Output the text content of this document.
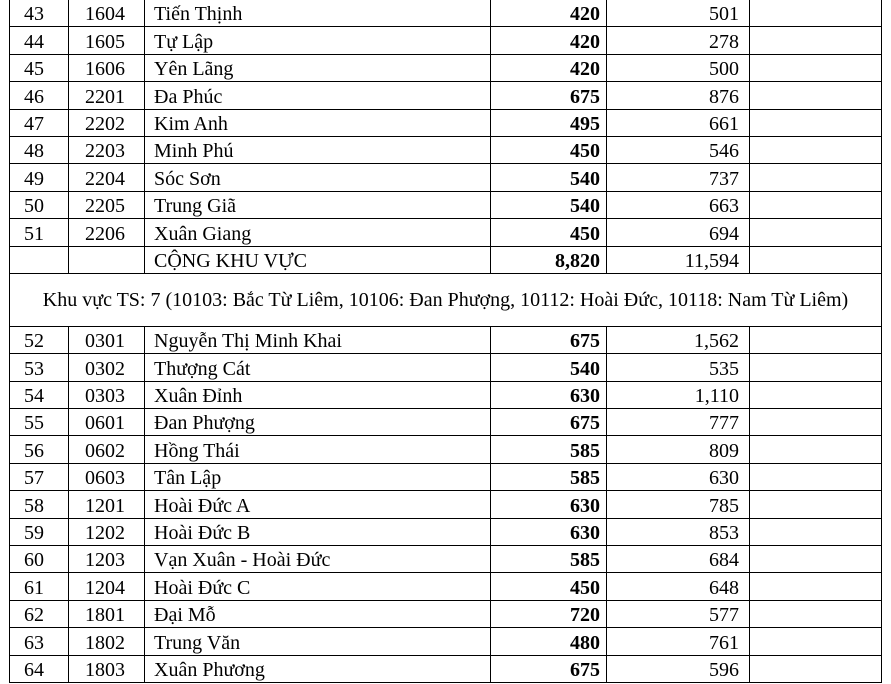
43	1604	Tiến Thịnh	420	501	
44	1605	Tự Lập	420	278	
45	1606	Yên Lãng	420	500	
46	2201	Đa Phúc	675	876	
47	2202	Kim Anh	495	661	
48	2203	Minh Phú	450	546	
49	2204	Sóc Sơn	540	737	
50	2205	Trung Giã	540	663	
51	2206	Xuân Giang	450	694	
		CỘNG KHU VỰC	8,820	11,594	
Khu vực TS: 7 (10103: Bắc Từ Liêm, 10106: Đan Phượng, 10112: Hoài Đức, 10118: Nam Từ Liêm)					
52	0301	Nguyễn Thị Minh Khai	675	1,562	
53	0302	Thượng Cát	540	535	
54	0303	Xuân Đỉnh	630	1,110	
55	0601	Đan Phượng	675	777	
56	0602	Hồng Thái	585	809	
57	0603	Tân Lập	585	630	
58	1201	Hoài Đức A	630	785	
59	1202	Hoài Đức B	630	853	
60	1203	Vạn Xuân - Hoài Đức	585	684	
61	1204	Hoài Đức C	450	648	
62	1801	Đại Mỗ	720	577	
63	1802	Trung Văn	480	761	
64	1803	Xuân Phương	675	596	
